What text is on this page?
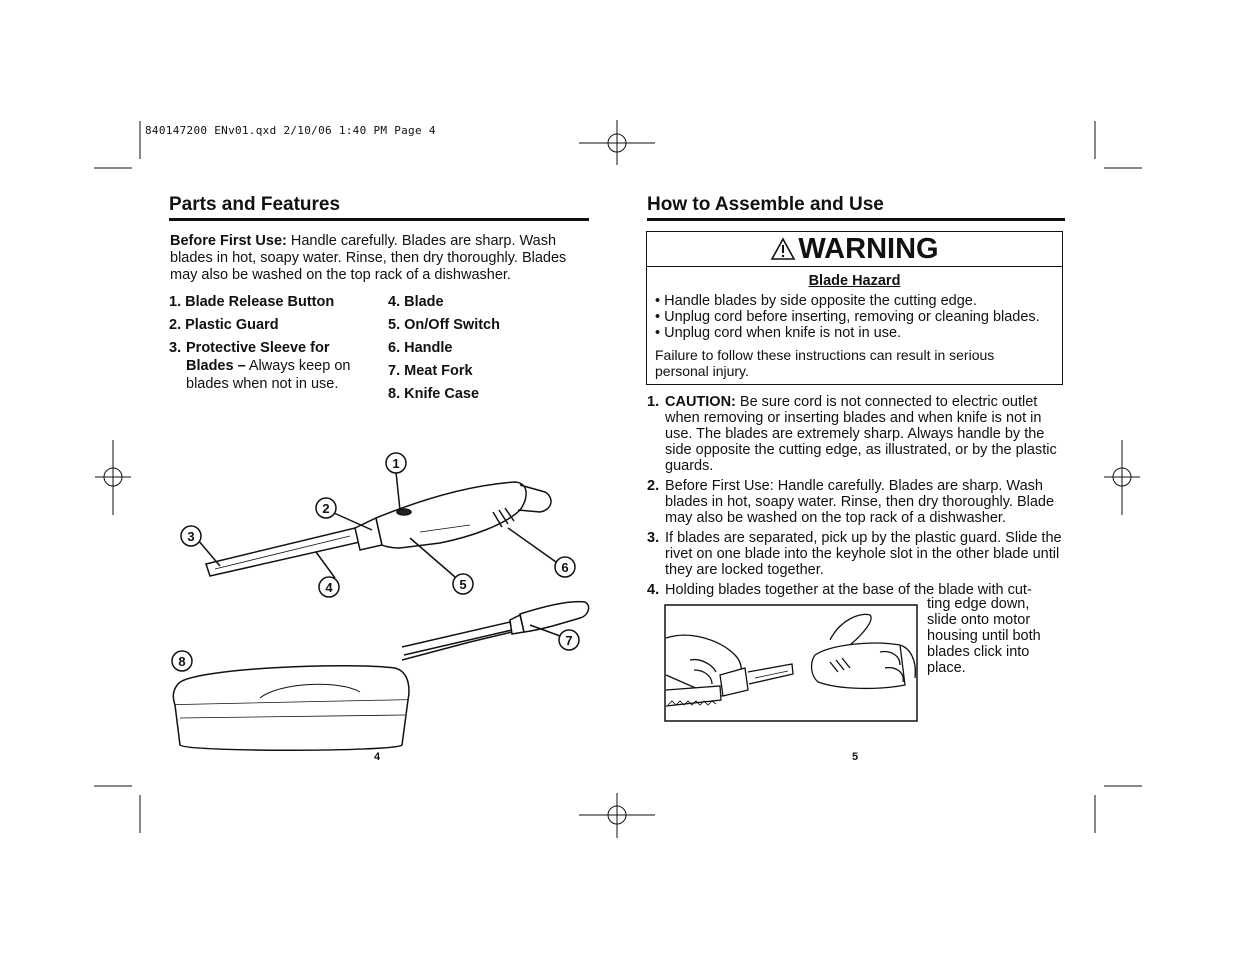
840147200 ENv01.qxd 2/10/06 1:40 PM Page 4
Parts and Features
Before First Use: Handle carefully. Blades are sharp. Wash blades in hot, soapy water. Rinse, then dry thoroughly. Blades may also be washed on the top rack of a dishwasher.
1. Blade Release Button
2. Plastic Guard
3. Protective Sleeve for Blades – Always keep on blades when not in use.
4. Blade
5. On/Off Switch
6. Handle
7. Meat Fork
8. Knife Case
1
2
3
4	5
6
7
8
4
How to Assemble and Use
WARNING
Blade Hazard
• Handle blades by side opposite the cutting edge.
• Unplug cord before inserting, removing or cleaning blades.
• Unplug cord when knife is not in use.
Failure to follow these instructions can result in serious personal injury.
1. CAUTION: Be sure cord is not connected to electric outlet when removing or inserting blades and when knife is not in use. The blades are extremely sharp. Always handle by the side opposite the cutting edge, as illustrated, or by the plastic guards.
2. Before First Use: Handle carefully. Blades are sharp. Wash blades in hot, soapy water. Rinse, then dry thoroughly. Blade may also be washed on the top rack of a dishwasher.
3. If blades are separated, pick up by the plastic guard. Slide the rivet on one blade into the keyhole slot in the other blade until they are locked together.
4. Holding blades together at the base of the blade with cut-
ting edge down, slide onto motor housing until both blades click into place.
5
